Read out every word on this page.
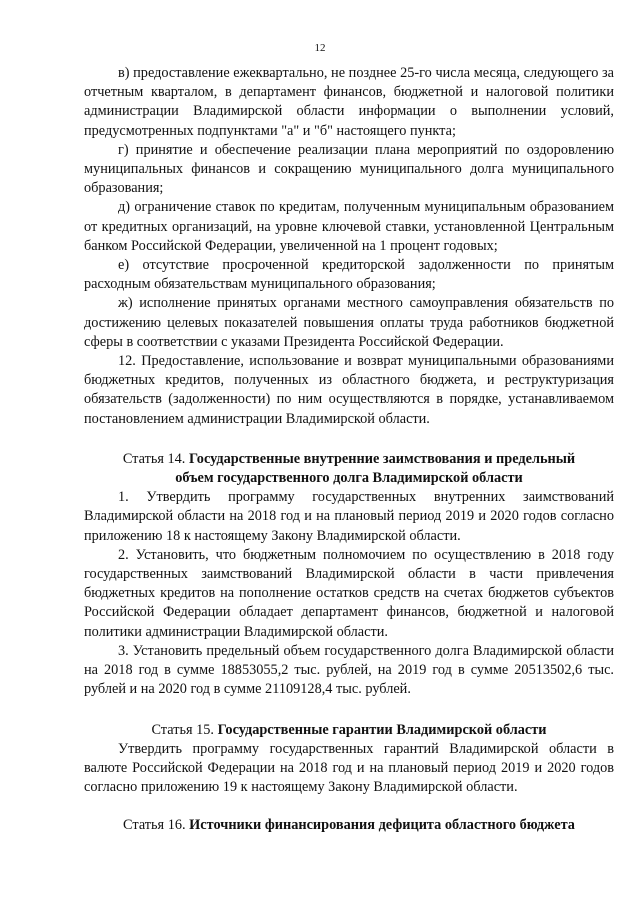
12

в) предоставление ежеквартально, не позднее 25-го числа месяца, следующего за отчетным кварталом, в департамент финансов, бюджетной и налоговой политики администрации Владимирской области информации о выполнении условий, предусмотренных подпунктами "а" и "б" настоящего пункта;

г) принятие и обеспечение реализации плана мероприятий по оздоровлению муниципальных финансов и сокращению муниципального долга муниципального образования;

д) ограничение ставок по кредитам, полученным муниципальным образованием от кредитных организаций, на уровне ключевой ставки, установленной Центральным банком Российской Федерации, увеличенной на 1 процент годовых;

е) отсутствие просроченной кредиторской задолженности по принятым расходным обязательствам муниципального образования;

ж) исполнение принятых органами местного самоуправления обязательств по достижению целевых показателей повышения оплаты труда работников бюджетной сферы в соответствии с указами Президента Российской Федерации.

12. Предоставление, использование и возврат муниципальными образованиями бюджетных кредитов, полученных из областного бюджета, и реструктуризация обязательств (задолженности) по ним осуществляются в порядке, устанавливаемом постановлением администрации Владимирской области.

Статья 14. Государственные внутренние заимствования и предельный
объем государственного долга Владимирской области

1. Утвердить программу государственных внутренних заимствований Владимирской области на 2018 год и на плановый период 2019 и 2020 годов согласно приложению 18 к настоящему Закону Владимирской области.

2. Установить, что бюджетным полномочием по осуществлению в 2018 году государственных заимствований Владимирской области в части привлечения бюджетных кредитов на пополнение остатков средств на счетах бюджетов субъектов Российской Федерации обладает департамент финансов, бюджетной и налоговой политики администрации Владимирской области.

3. Установить предельный объем государственного долга Владимирской области на 2018 год в сумме 18853055,2 тыс. рублей, на 2019 год в сумме 20513502,6 тыс. рублей и на 2020 год в сумме 21109128,4 тыс. рублей.

Статья 15. Государственные гарантии Владимирской области

Утвердить программу государственных гарантий Владимирской области в валюте Российской Федерации на 2018 год и на плановый период 2019 и 2020 годов согласно приложению 19 к настоящему Закону Владимирской области.

Статья 16. Источники финансирования дефицита областного бюджета
